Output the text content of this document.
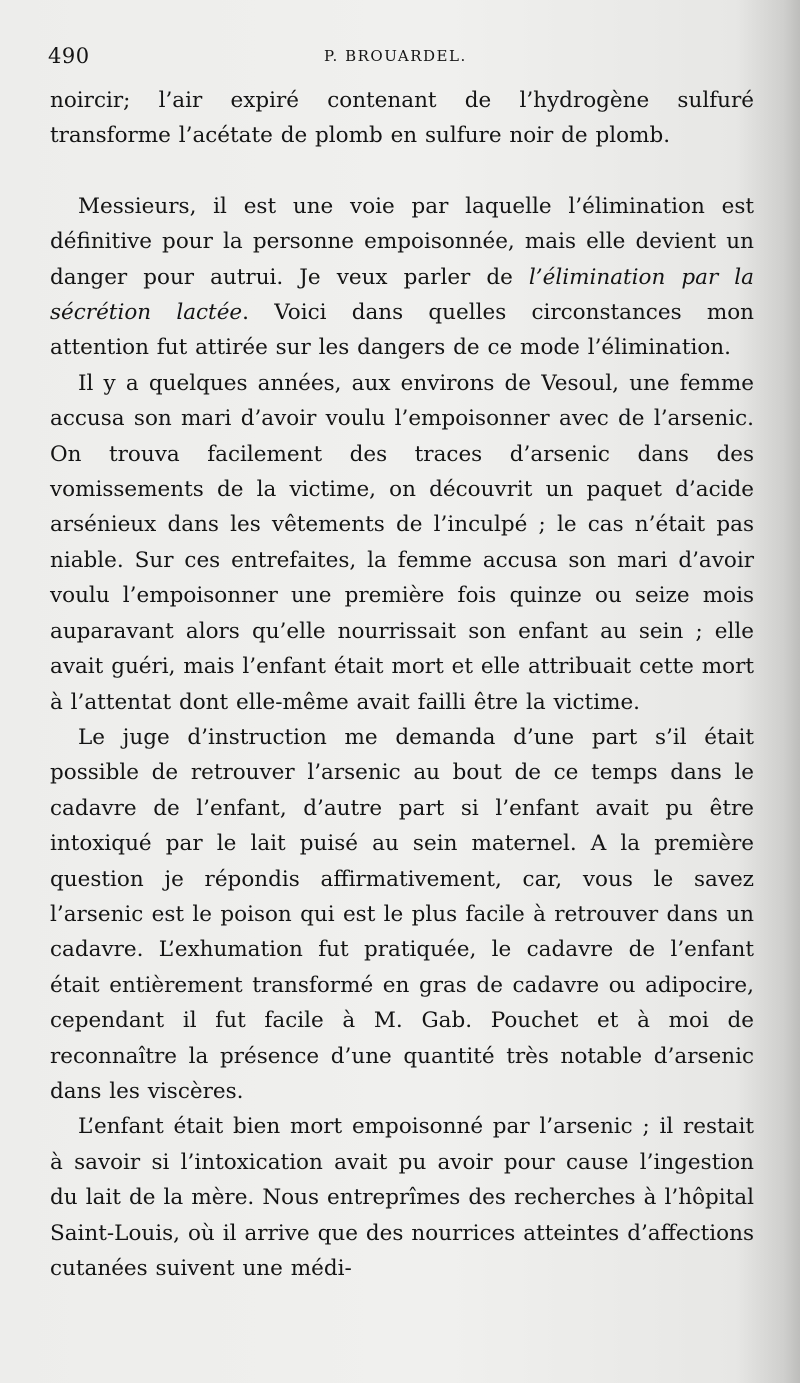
490	P. BROUARDEL.

noircir; l’air expiré contenant de l’hydrogène sulfuré transforme l’acétate de plomb en sulfure noir de plomb.

Messieurs, il est une voie par laquelle l’élimination est définitive pour la personne empoisonnée, mais elle devient un danger pour autrui. Je veux parler de l’élimination par la sécrétion lactée. Voici dans quelles circonstances mon attention fut attirée sur les dangers de ce mode l’élimination.

Il y a quelques années, aux environs de Vesoul, une femme accusa son mari d’avoir voulu l’empoisonner avec de l’arsenic. On trouva facilement des traces d’arsenic dans des vomissements de la victime, on découvrit un paquet d’acide arsénieux dans les vêtements de l’inculpé ; le cas n’était pas niable. Sur ces entrefaites, la femme accusa son mari d’avoir voulu l’empoisonner une première fois quinze ou seize mois auparavant alors qu’elle nourrissait son enfant au sein ; elle avait guéri, mais l’enfant était mort et elle attribuait cette mort à l’attentat dont elle-même avait failli être la victime.

Le juge d’instruction me demanda d’une part s’il était possible de retrouver l’arsenic au bout de ce temps dans le cadavre de l’enfant, d’autre part si l’enfant avait pu être intoxiqué par le lait puisé au sein maternel. A la première question je répondis affirmativement, car, vous le savez l’arsenic est le poison qui est le plus facile à retrouver dans un cadavre. L’exhumation fut pratiquée, le cadavre de l’enfant était entièrement transformé en gras de cadavre ou adipocire, cependant il fut facile à M. Gab. Pouchet et à moi de reconnaître la présence d’une quantité très notable d’arsenic dans les viscères.

L’enfant était bien mort empoisonné par l’arsenic ; il restait à savoir si l’intoxication avait pu avoir pour cause l’ingestion du lait de la mère. Nous entreprîmes des recherches à l’hôpital Saint-Louis, où il arrive que des nourrices atteintes d’affections cutanées suivent une médi-
